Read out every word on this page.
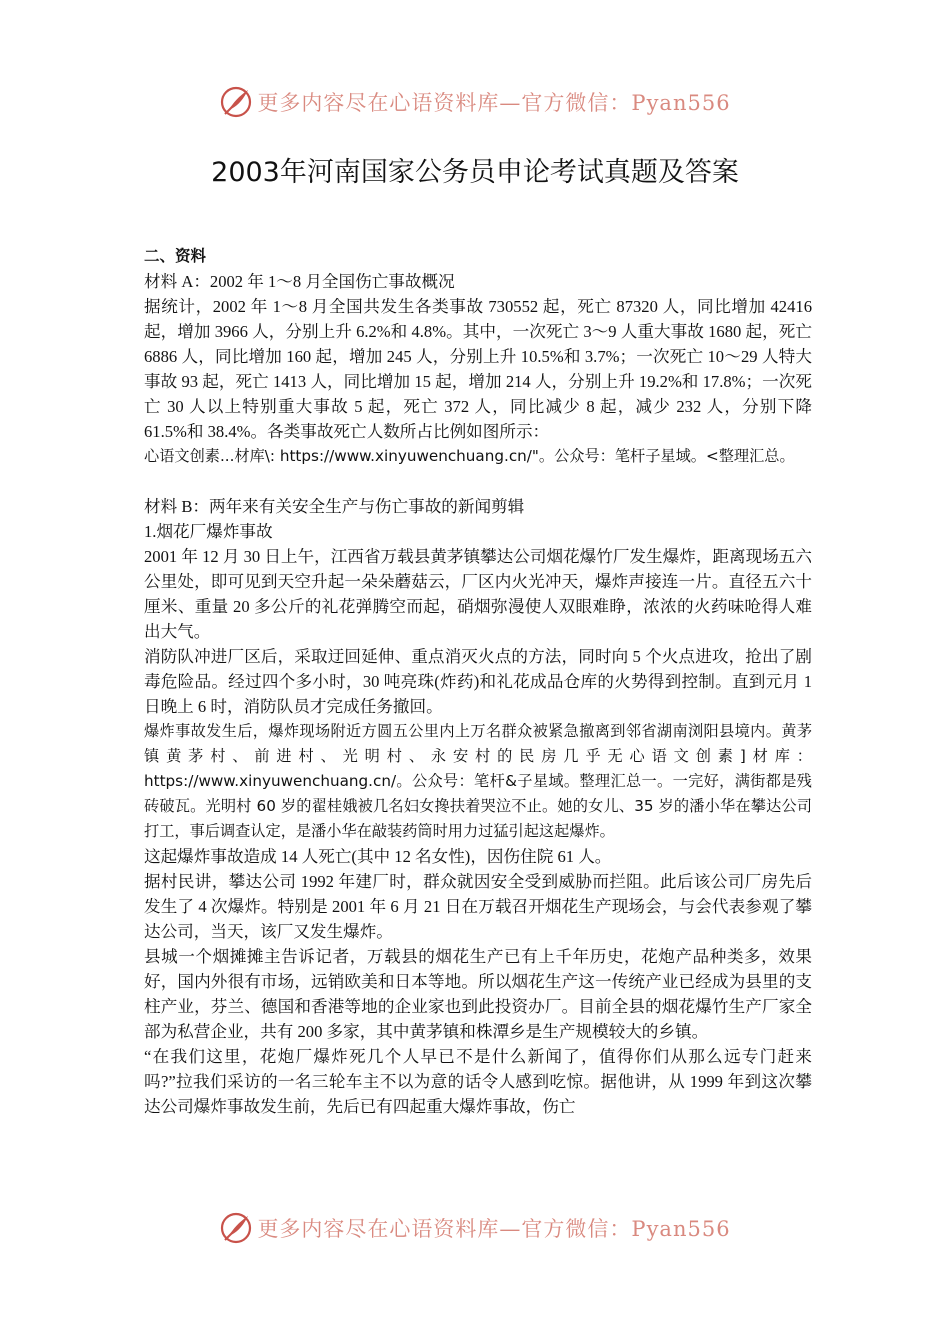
更多内容尽在心语资料库—官方微信：Pyan556
2003年河南国家公务员申论考试真题及答案

二、资料

材料 A：2002 年 1～8 月全国伤亡事故概况

据统计，2002 年 1～8 月全国共发生各类事故 730552 起，死亡 87320 人，同比增加 42416 起，增加 3966 人，分别上升 6.2%和 4.8%。其中，一次死亡 3～9 人重大事故 1680 起，死亡 6886 人，同比增加 160 起，增加 245 人，分别上升 10.5%和 3.7%；一次死亡 10～29 人特大事故 93 起，死亡 1413 人，同比增加 15 起，增加 214 人，分别上升 19.2%和 17.8%；一次死亡 30 人以上特别重大事故 5 起，死亡 372 人，同比减少 8 起，减少 232 人，分别下降 61.5%和 38.4%。各类事故死亡人数所占比例如图所示：

心语文创素...材库\: https://www.xinyuwenchuang.cn/"。公众号：笔杆子星域。<整理汇总。

材料 B：两年来有关安全生产与伤亡事故的新闻剪辑

1.烟花厂爆炸事故

2001 年 12 月 30 日上午，江西省万载县黄茅镇攀达公司烟花爆竹厂发生爆炸，距离现场五六公里处，即可见到天空升起一朵朵蘑菇云，厂区内火光冲天，爆炸声接连一片。直径五六十厘米、重量 20 多公斤的礼花弹腾空而起，硝烟弥漫使人双眼难睁，浓浓的火药味呛得人难出大气。

消防队冲进厂区后，采取迂回延伸、重点消灭火点的方法，同时向 5 个火点进攻，抢出了剧毒危险品。经过四个多小时，30 吨亮珠(炸药)和礼花成品仓库的火势得到控制。直到元月 1 日晚上 6 时，消防队员才完成任务撤回。

爆炸事故发生后，爆炸现场附近方圆五公里内上万名群众被紧急撤离到邻省湖南浏阳县境内。黄茅镇黄茅村、前进村、光明村、永安村的民房几乎无心语文创素]材库：https://www.xinyuwenchuang.cn/。公众号：笔杆&子星域。整理汇总一。一完好，满街都是残砖破瓦。光明村 60 岁的翟桂娥被几名妇女搀扶着哭泣不止。她的女儿、35 岁的潘小华在攀达公司打工，事后调查认定，是潘小华在敲装药筒时用力过猛引起这起爆炸。

这起爆炸事故造成 14 人死亡(其中 12 名女性)，因伤住院 61 人。

据村民讲，攀达公司 1992 年建厂时，群众就因安全受到威胁而拦阻。此后该公司厂房先后发生了 4 次爆炸。特别是 2001 年 6 月 21 日在万载召开烟花生产现场会，与会代表参观了攀达公司，当天，该厂又发生爆炸。

县城一个烟摊摊主告诉记者，万载县的烟花生产已有上千年历史，花炮产品种类多，效果好，国内外很有市场，远销欧美和日本等地。所以烟花生产这一传统产业已经成为县里的支柱产业，芬兰、德国和香港等地的企业家也到此投资办厂。目前全县的烟花爆竹生产厂家全部为私营企业，共有 200 多家，其中黄茅镇和株潭乡是生产规模较大的乡镇。

“在我们这里，花炮厂爆炸死几个人早已不是什么新闻了，值得你们从那么远专门赶来吗?”拉我们采访的一名三轮车主不以为意的话令人感到吃惊。据他讲，从 1999 年到这次攀达公司爆炸事故发生前，先后已有四起重大爆炸事故，伤亡

更多内容尽在心语资料库—官方微信：Pyan556
